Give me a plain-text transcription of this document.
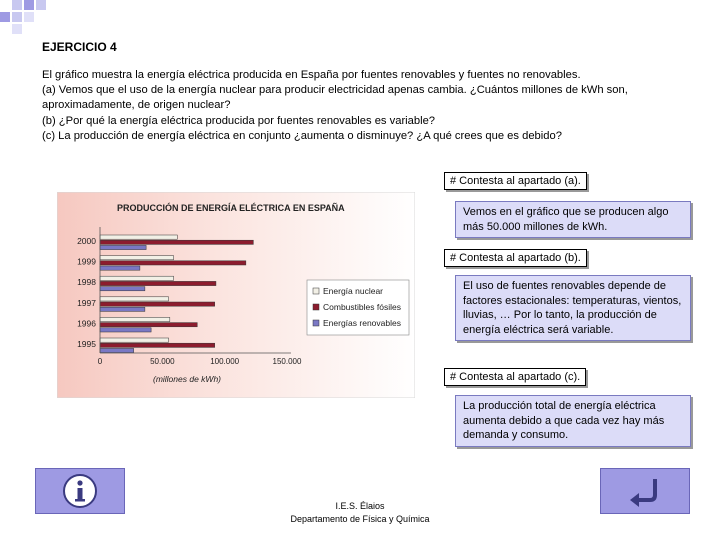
EJERCICIO 4
El gráfico muestra la energía eléctrica producida en España por fuentes renovables y fuentes no renovables.
(a) Vemos que el uso de la energía nuclear para producir electricidad apenas cambia. ¿Cuántos millones de kWh son,
aproximadamente, de origen nuclear?
(b) ¿Por qué la energía eléctrica producida por fuentes renovables es variable?
(c) La producción de energía eléctrica en conjunto ¿aumenta o disminuye? ¿A qué crees que es debido?
PRODUCCIÓN DE ENERGÍA ELÉCTRICA EN ESPAÑA
2000
1999
1998
1997
1996
1995
0	50.000	100.000	150.000
(millones de kWh)
Energía nuclear
Combustibles fósiles
Energías renovables
# Contesta al apartado (a).
Vemos en el gráfico que se producen algo más 50.000 millones de kWh.
# Contesta al apartado (b).
El uso de fuentes renovables depende de factores estacionales: temperaturas, vientos, lluvias, … Por lo tanto, la producción de energía eléctrica será variable.
# Contesta al apartado (c).
La producción total de energía eléctrica aumenta debido a que cada vez hay más demanda y consumo.
I.E.S. Élaios
Departamento de Física y Química
